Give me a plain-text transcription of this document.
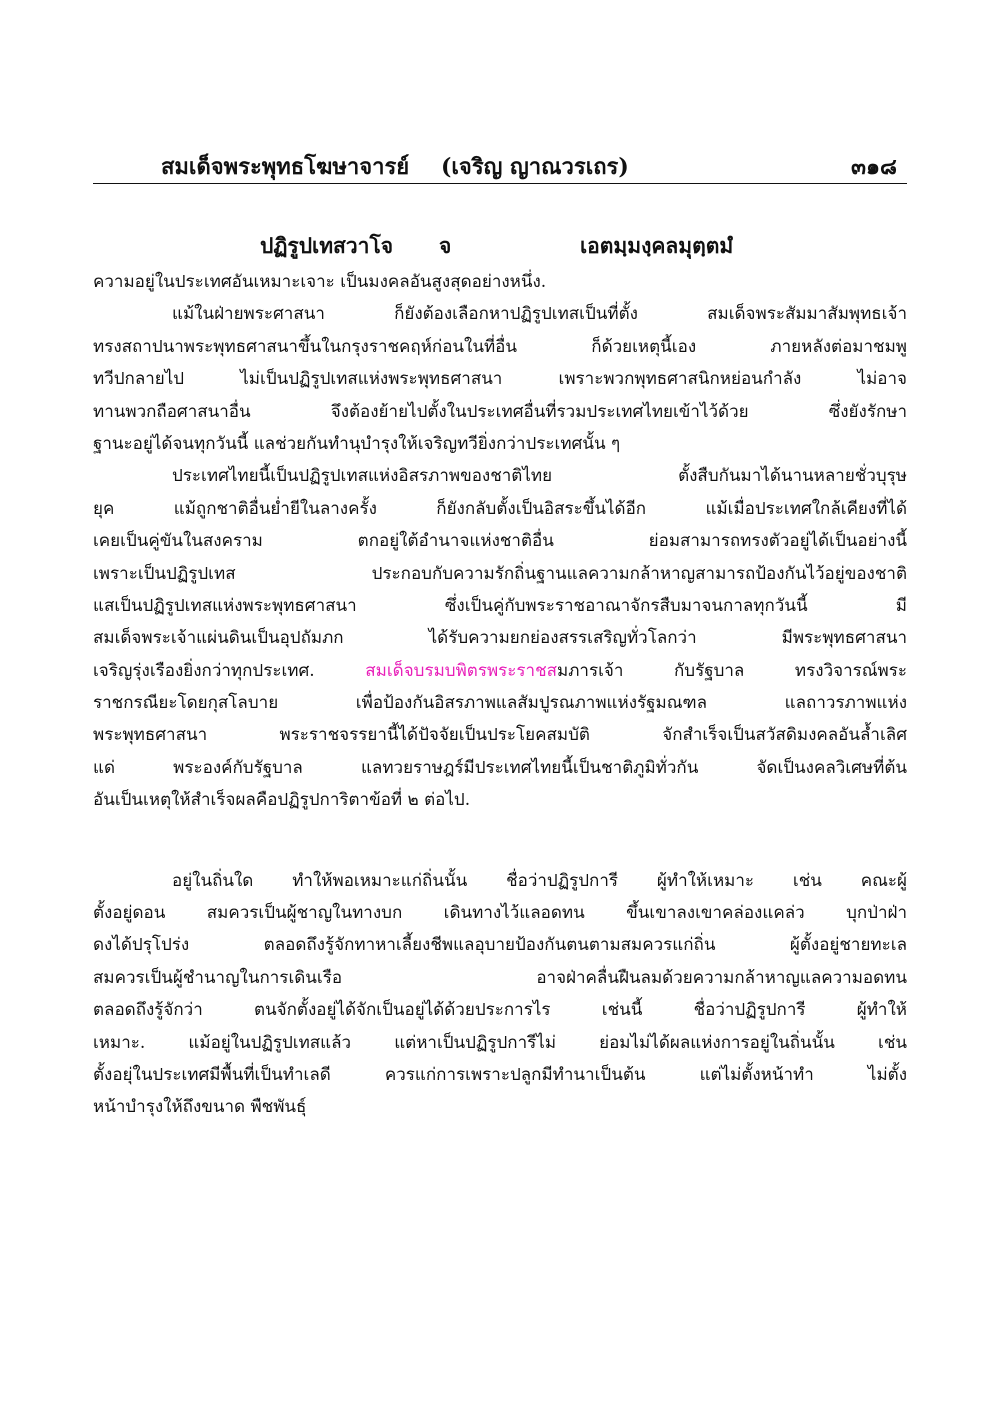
สมเด็จพระพุทธโฆษาจารย์ (เจริญ ญาณวรเถร)	๓๑๘
ปฏิรูปเทสวาโจ จ	เอตมฺมงฺคลมุตฺตมํ
ความอยู่ในประเทศอันเหมาะเจาะ เป็นมงคลอันสูงสุดอย่างหนึ่ง.
แม้ในฝ่ายพระศาสนา ก็ยังต้องเลือกหาปฏิรูปเทสเป็นที่ตั้ง สมเด็จพระสัมมาสัมพุทธเจ้า
ทรงสถาปนาพระพุทธศาสนาขึ้นในกรุงราชคฤห์ก่อนในที่อื่น ก็ด้วยเหตุนี้เอง ภายหลังต่อมาชมพู
ทวีปกลายไป ไม่เป็นปฏิรูปเทสแห่งพระพุทธศาสนา เพราะพวกพุทธศาสนิกหย่อนกำลัง ไม่อาจ
ทานพวกถือศาสนาอื่น จึงต้องย้ายไปตั้งในประเทศอื่นที่รวมประเทศไทยเข้าไว้ด้วย ซึ่งยังรักษา
ฐานะอยู่ได้จนทุกวันนี้ แลช่วยกันทำนุบำรุงให้เจริญทวียิ่งกว่าประเทศนั้น ๆ
ประเทศไทยนี้เป็นปฏิรูปเทสแห่งอิสรภาพของชาติไทย ตั้งสืบกันมาได้นานหลายชั่วบุรุษ
ยุค แม้ถูกชาติอื่นย่ำยีในลางครั้ง ก็ยังกลับตั้งเป็นอิสระขึ้นได้อีก แม้เมื่อประเทศใกล้เคียงที่ได้
เคยเป็นคู่ขันในสงคราม ตกอยู่ใต้อำนาจแห่งชาติอื่น ย่อมสามารถทรงตัวอยู่ได้เป็นอย่างนี้
เพราะเป็นปฏิรูปเทส ประกอบกับความรักถิ่นฐานแลความกล้าหาญสามารถป้องกันไว้อยู่ของชาติ
แสเป็นปฏิรูปเทสแห่งพระพุทธศาสนา ซึ่งเป็นคู่กับพระราชอาณาจักรสืบมาจนกาลทุกวันนี้ มี
สมเด็จพระเจ้าแผ่นดินเป็นอุปถัมภก ได้รับความยกย่องสรรเสริญทั่วโลกว่า มีพระพุทธศาสนา
เจริญรุ่งเรืองยิ่งกว่าทุกประเทศ. สมเด็จบรมบพิตรพระราชสมภารเจ้า กับรัฐบาล ทรงวิจารณ์พระ
ราชกรณียะโดยกุสโลบาย เพื่อป้องกันอิสรภาพแลสัมปูรณภาพแห่งรัฐมณฑล แลถาวรภาพแห่ง
พระพุทธศาสนา พระราชจรรยานี้ได้ปัจจัยเป็นประโยคสมบัติ จักสำเร็จเป็นสวัสดิมงคลอันล้ำเลิศ
แด่ พระองค์กับรัฐบาล แลทวยราษฎร์มีประเทศไทยนี้เป็นชาติภูมิทั่วกัน จัดเป็นงคลวิเศษที่ต้น
อันเป็นเหตุให้สำเร็จผลคือปฏิรูปการิตาข้อที่ ๒ ต่อไป.
อยู่ในถิ่นใด ทำให้พอเหมาะแก่ถิ่นนั้น ชื่อว่าปฏิรูปการี ผู้ทำให้เหมาะ เช่น คณะผู้
ตั้งอยู่ดอน สมควรเป็นผู้ชาญในทางบก เดินทางไว้แลอดทน ขึ้นเขาลงเขาคล่องแคล่ว บุกป่าฝ่า
ดงได้ปรุโปร่ง ตลอดถึงรู้จักทาหาเลี้ยงชีพแลอุบายป้องกันตนตามสมควรแก่ถิ่น ผู้ตั้งอยู่ชายทะเล
สมควรเป็นผู้ชำนาญในการเดินเรือ อาจฝ่าคลื่นฝืนลมด้วยความกล้าหาญแลความอดทน
ตลอดถึงรู้จักว่า ตนจักตั้งอยู่ได้จักเป็นอยู่ได้ด้วยประการไร เช่นนี้ ชื่อว่าปฏิรูปการี ผู้ทำให้
เหมาะ. แม้อยู่ในปฏิรูปเทสแล้ว แต่หาเป็นปฏิรูปการีไม่ ย่อมไม่ได้ผลแห่งการอยู่ในถิ่นนั้น เช่น
ตั้งอยุ่ในประเทศมีพื้นที่เป็นทำเลดี ควรแก่การเพราะปลูกมีทำนาเป็นต้น แต่ไม่ตั้งหน้าทำ ไม่ตั้ง
หน้าบำรุงให้ถึงขนาด พืชพันธุ์
